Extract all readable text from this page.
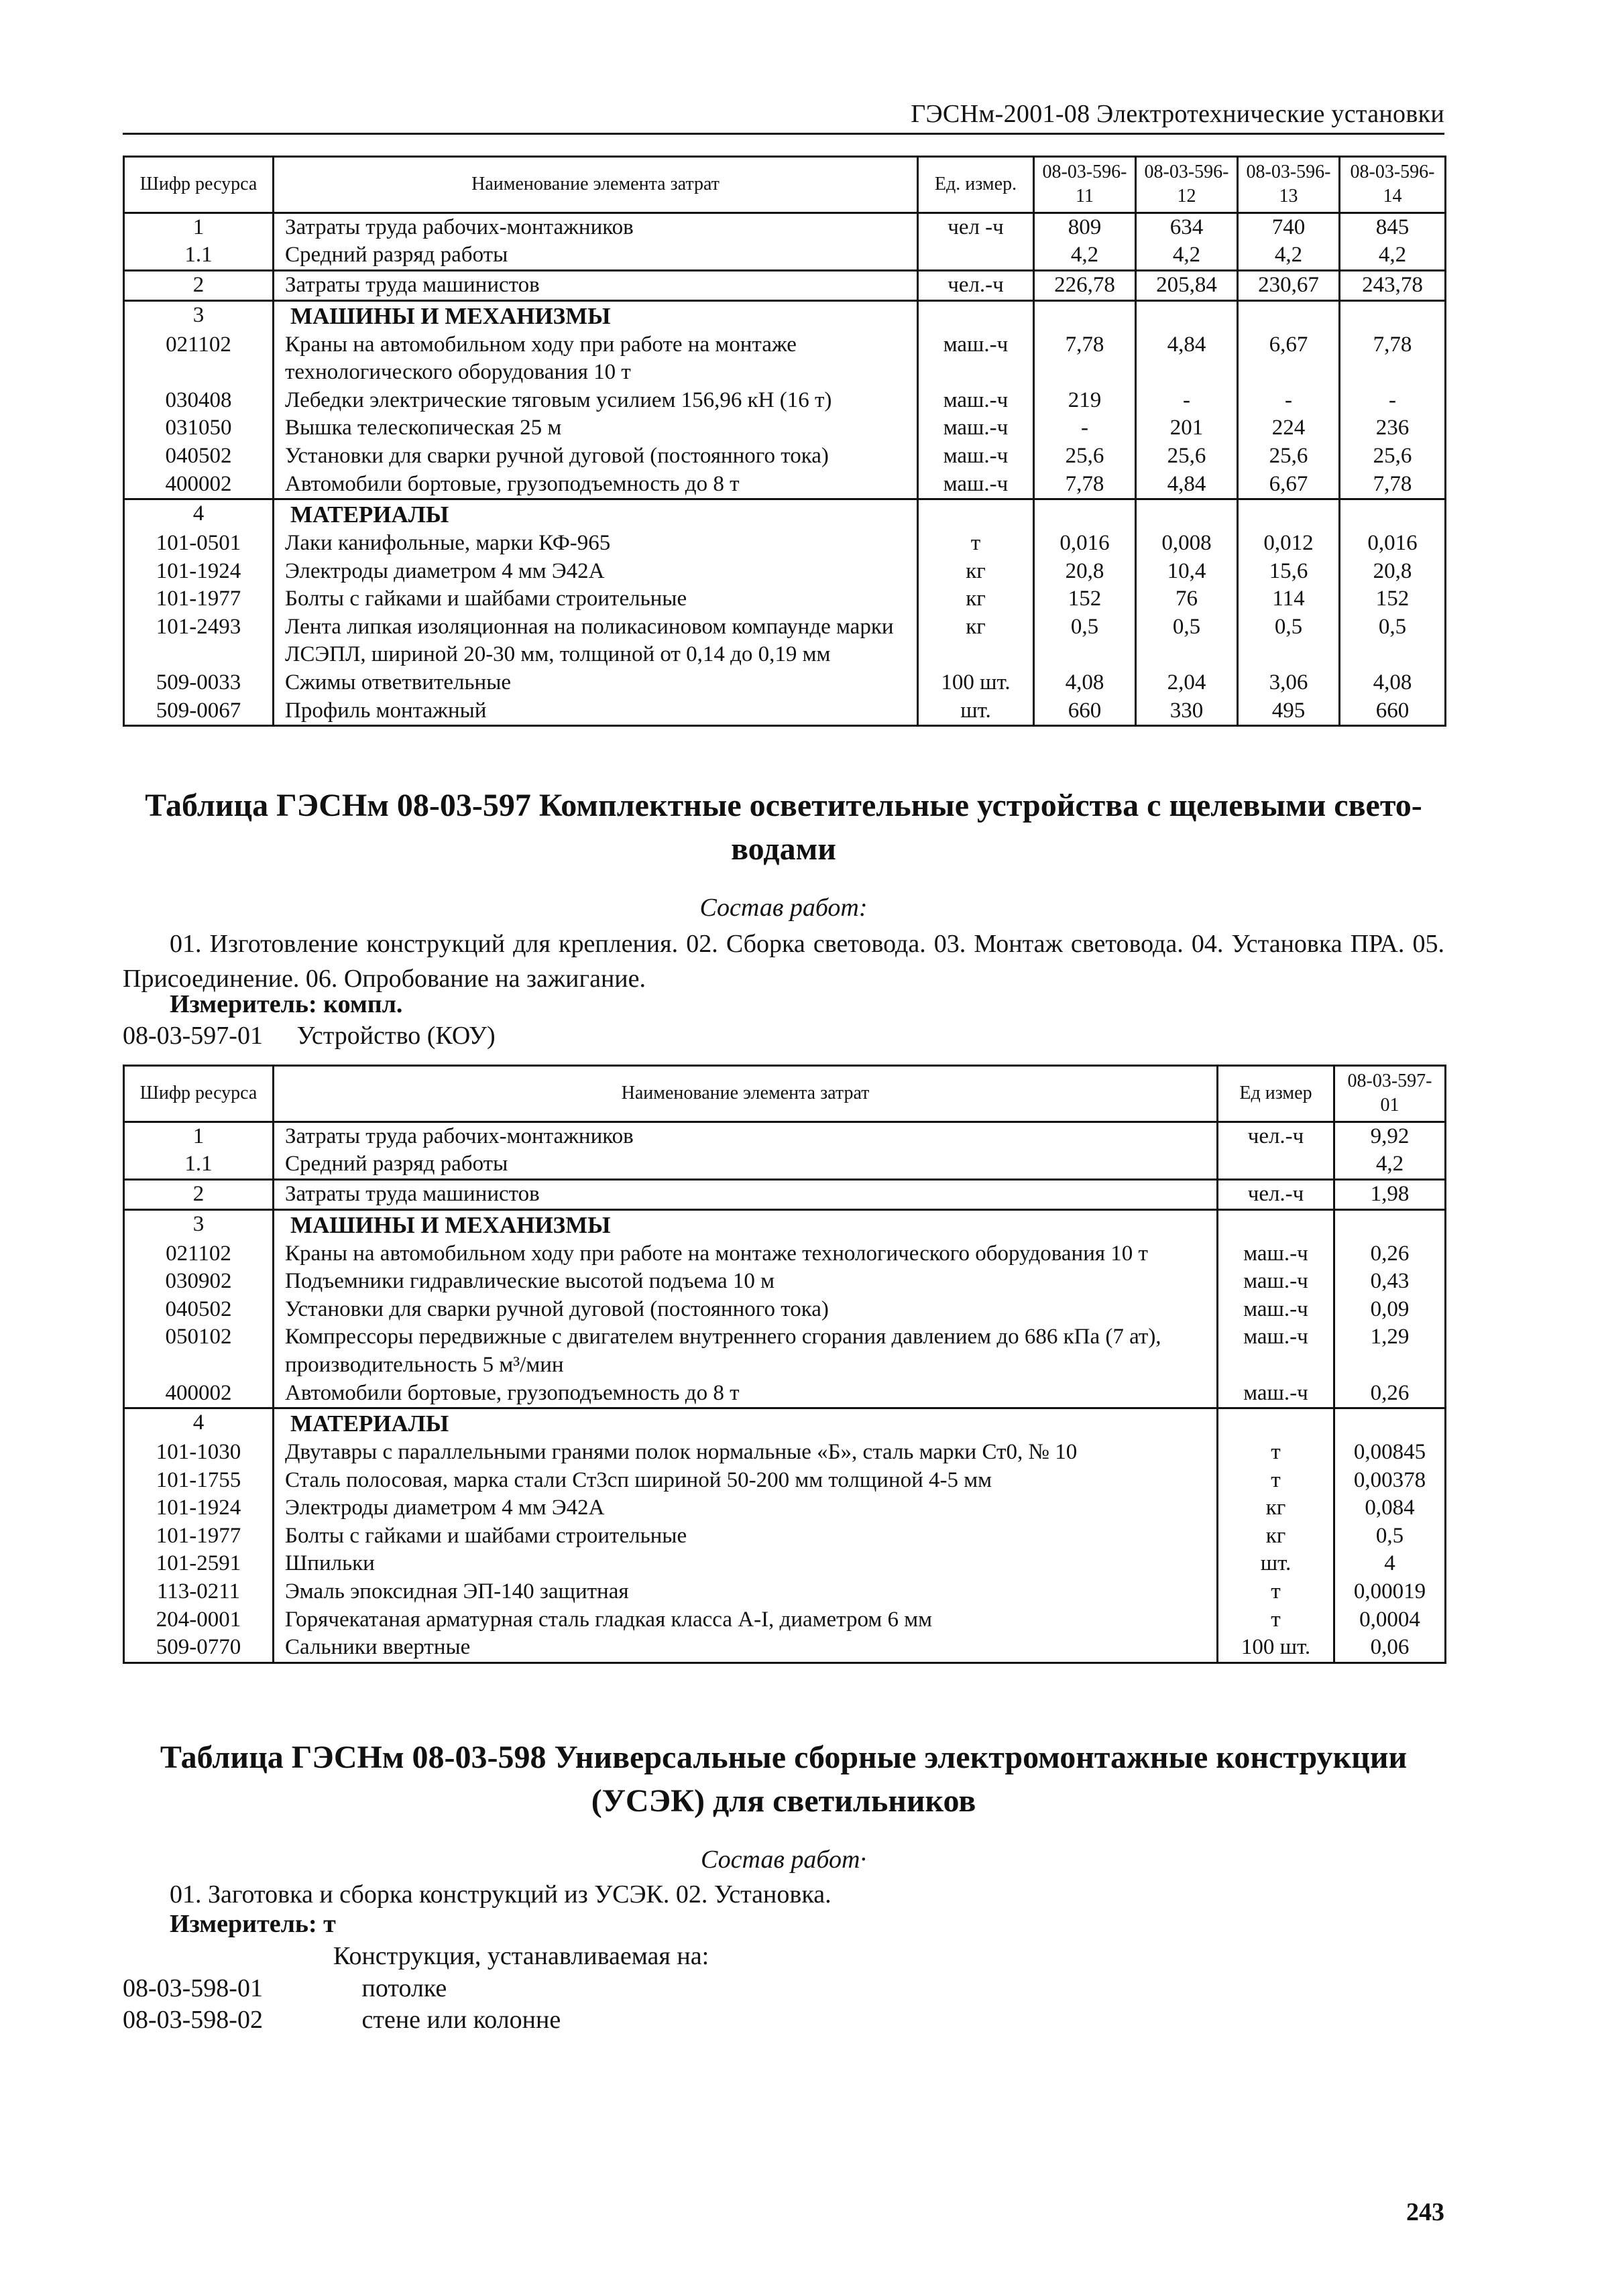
ГЭСНм-2001-08 Электротехнические установки
Шифр ресурса	Наименование элемента затрат	Ед. измер.	08-03-596-11	08-03-596-12	08-03-596-13	08-03-596-14
1	Затраты труда рабочих-монтажников	чел -ч	809	634	740	845
1.1	Средний разряд работы		4,2	4,2	4,2	4,2
2	Затраты труда машинистов	чел.-ч	226,78	205,84	230,67	243,78
3	МАШИНЫ И МЕХАНИЗМЫ					
021102	Краны на автомобильном ходу при работе на монтаже технологического оборудования 10 т	маш.-ч	7,78	4,84	6,67	7,78
030408	Лебедки электрические тяговым усилием 156,96 кН (16 т)	маш.-ч	219	-	-	-
031050	Вышка телескопическая 25 м	маш.-ч	-	201	224	236
040502	Установки для сварки ручной дуговой (постоянного тока)	маш.-ч	25,6	25,6	25,6	25,6
400002	Автомобили бортовые, грузоподъемность до 8 т	маш.-ч	7,78	4,84	6,67	7,78
4	МАТЕРИАЛЫ					
101-0501	Лаки канифольные, марки КФ-965	т	0,016	0,008	0,012	0,016
101-1924	Электроды диаметром 4 мм Э42А	кг	20,8	10,4	15,6	20,8
101-1977	Болты с гайками и шайбами строительные	кг	152	76	114	152
101-2493	Лента липкая изоляционная на поликасиновом компаунде марки ЛСЭПЛ, шириной 20-30 мм, толщиной от 0,14 до 0,19 мм	кг	0,5	0,5	0,5	0,5
509-0033	Сжимы ответвительные	100 шт.	4,08	2,04	3,06	4,08
509-0067	Профиль монтажный	шт.	660	330	495	660
Таблица ГЭСНм 08-03-597 Комплектные осветительные устройства с щелевыми свето-
водами
Состав работ:
01. Изготовление конструкций для крепления. 02. Сборка световода. 03. Монтаж световода. 04. Установка ПРА. 05. Присоединение. 06. Опробование на зажигание.
Измеритель: компл.
08-03-597-01 Устройство (КОУ)
Шифр ресурса	Наименование элемента затрат	Ед измер	08-03-597-01
1	Затраты труда рабочих-монтажников	чел.-ч	9,92
1.1	Средний разряд работы		4,2
2	Затраты труда машинистов	чел.-ч	1,98
3	МАШИНЫ И МЕХАНИЗМЫ		
021102	Краны на автомобильном ходу при работе на монтаже технологического оборудования 10 т	маш.-ч	0,26
030902	Подъемники гидравлические высотой подъема 10 м	маш.-ч	0,43
040502	Установки для сварки ручной дуговой (постоянного тока)	маш.-ч	0,09
050102	Компрессоры передвижные с двигателем внутреннего сгорания давлением до 686 кПа (7 ат), производительность 5 м³/мин	маш.-ч	1,29
400002	Автомобили бортовые, грузоподъемность до 8 т	маш.-ч	0,26
4	МАТЕРИАЛЫ		
101-1030	Двутавры с параллельными гранями полок нормальные «Б», сталь марки Ст0, № 10	т	0,00845
101-1755	Сталь полосовая, марка стали Ст3сп шириной 50-200 мм толщиной 4-5 мм	т	0,00378
101-1924	Электроды диаметром 4 мм Э42А	кг	0,084
101-1977	Болты с гайками и шайбами строительные	кг	0,5
101-2591	Шпильки	шт.	4
113-0211	Эмаль эпоксидная ЭП-140 защитная	т	0,00019
204-0001	Горячекатаная арматурная сталь гладкая класса А-I, диаметром 6 мм	т	0,0004
509-0770	Сальники ввертные	100 шт.	0,06
Таблица ГЭСНм 08-03-598 Универсальные сборные электромонтажные конструкции
(УСЭК) для светильников
Состав работ·
01. Заготовка и сборка конструкций из УСЭК. 02. Установка.
Измеритель: т
Конструкция, устанавливаемая на:
08-03-598-01	потолке
08-03-598-02	стене или колонне
243
